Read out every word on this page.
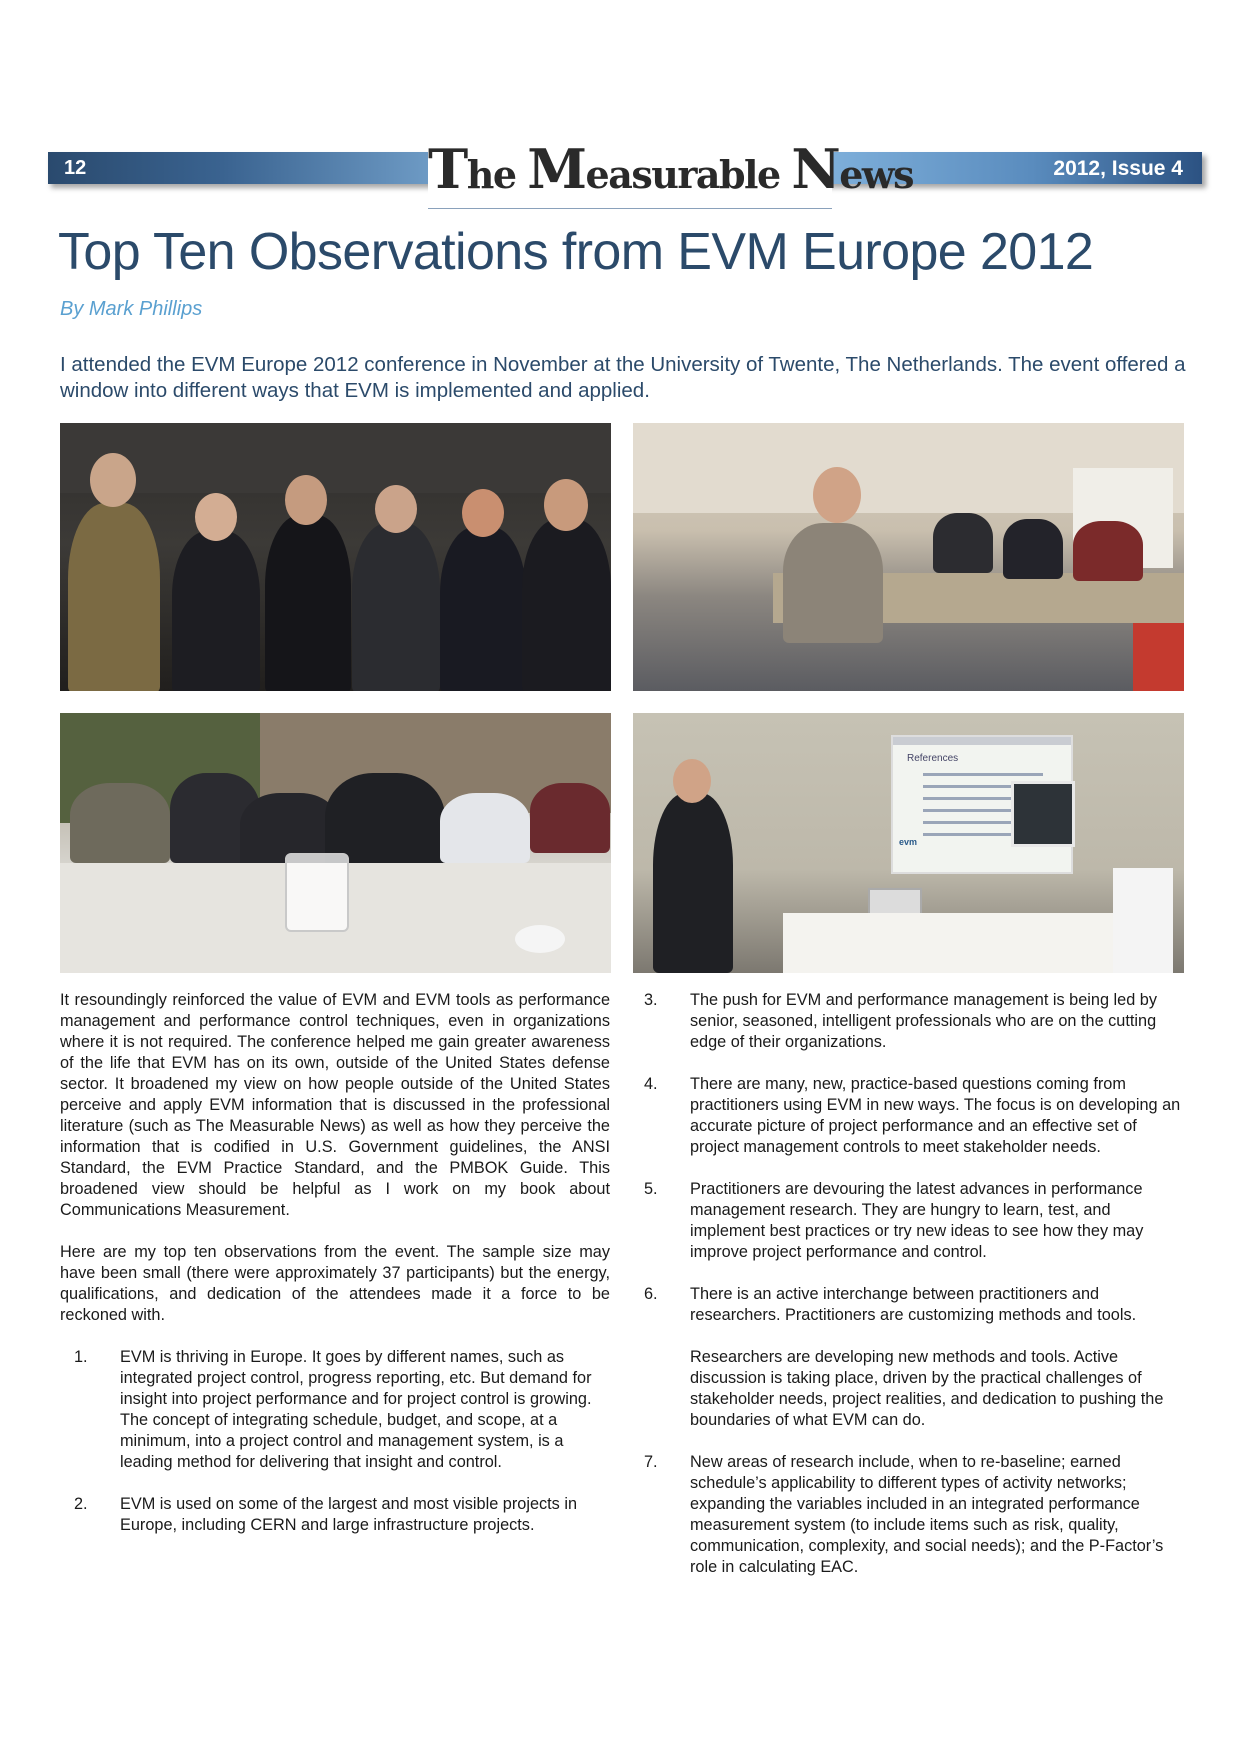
12	The Measurable News	2012, Issue 4
Top Ten Observations from EVM Europe 2012
By Mark Phillips

I attended the EVM Europe 2012 conference in November at the University of Twente, The Netherlands. The event offered a window into different ways that EVM is implemented and applied.

References
evm

It resoundingly reinforced the value of EVM and EVM tools as performance management and performance control techniques, even in organizations where it is not required. The conference helped me gain greater awareness of the life that EVM has on its own, outside of the United States defense sector. It broadened my view on how people outside of the United States perceive and apply EVM information that is discussed in the professional literature (such as The Measurable News) as well as how they perceive the information that is codified in U.S. Government guidelines, the ANSI Standard, the EVM Practice Standard, and the PMBOK Guide. This broadened view should be helpful as I work on my book about Communications Measurement.

Here are my top ten observations from the event. The sample size may have been small (there were approximately 37 participants) but the energy, qualifications, and dedication of the attendees made it a force to be reckoned with.

1. EVM is thriving in Europe. It goes by different names, such as integrated project control, progress reporting, etc. But demand for insight into project performance and for project control is growing. The concept of integrating schedule, budget, and scope, at a minimum, into a project control and management system, is a leading method for delivering that insight and control.
2. EVM is used on some of the largest and most visible projects in Europe, including CERN and large infrastructure projects.
3. The push for EVM and performance management is being led by senior, seasoned, intelligent professionals who are on the cutting edge of their organizations.
4. There are many, new, practice-based questions coming from practitioners using EVM in new ways. The focus is on developing an accurate picture of project performance and an effective set of project management controls to meet stakeholder needs.
5. Practitioners are devouring the latest advances in performance management research. They are hungry to learn, test, and implement best practices or try new ideas to see how they may improve project performance and control.
6. There is an active interchange between practitioners and researchers. Practitioners are customizing methods and tools.
Researchers are developing new methods and tools. Active discussion is taking place, driven by the practical challenges of stakeholder needs, project realities, and dedication to pushing the boundaries of what EVM can do.
7. New areas of research include, when to re-baseline; earned schedule’s applicability to different types of activity networks; expanding the variables included in an integrated performance measurement system (to include items such as risk, quality, communication, complexity, and social needs); and the P-Factor’s role in calculating EAC.
